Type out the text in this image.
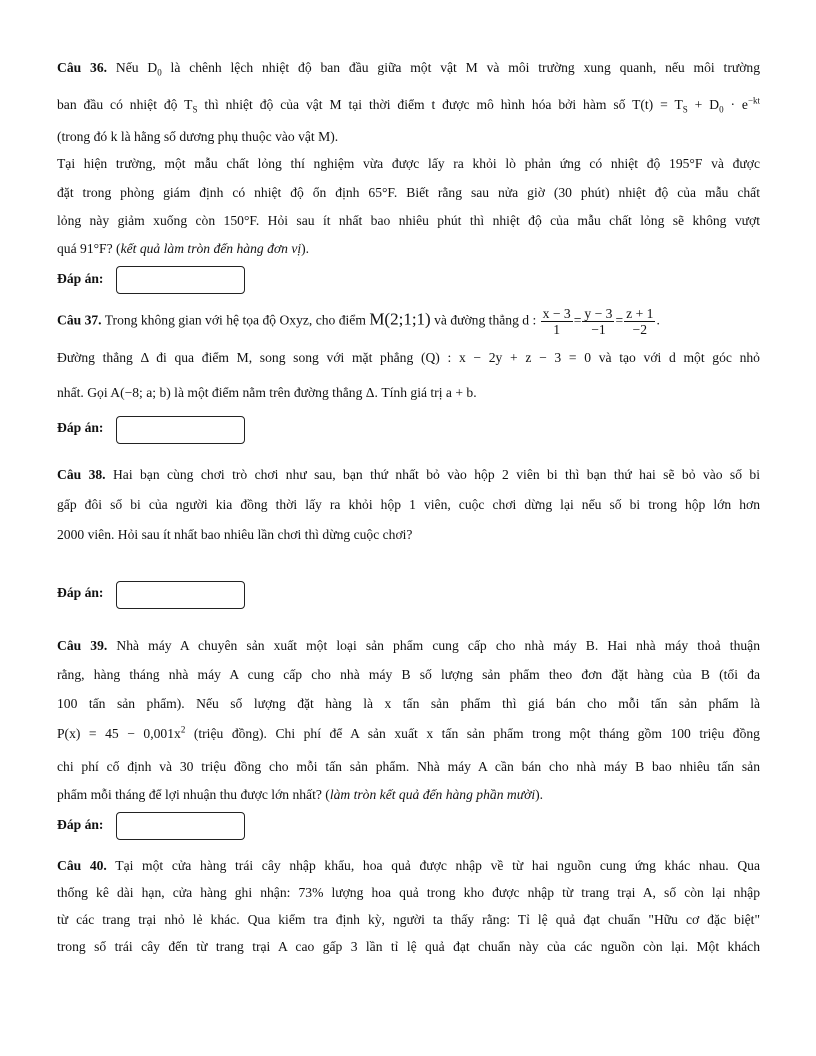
Câu 36. Nếu $D_0$ là chênh lệch nhiệt độ ban đầu giữa một vật M và môi trường xung quanh, nếu môi trường
ban đầu có nhiệt độ $T_S$ thì nhiệt độ của vật M tại thời điểm t được mô hình hóa bởi hàm số $T(t) = T_S + D_0 \cdot e^{-kt}$
(trong đó k là hằng số dương phụ thuộc vào vật M).
Tại hiện trường, một mẫu chất lỏng thí nghiệm vừa được lấy ra khỏi lò phản ứng có nhiệt độ 195°F và được
đặt trong phòng giám định có nhiệt độ ổn định 65°F. Biết rằng sau nửa giờ (30 phút) nhiệt độ của mẫu chất
lỏng này giảm xuống còn 150°F. Hỏi sau ít nhất bao nhiêu phút thì nhiệt độ của mẫu chất lỏng sẽ không vượt
quá 91°F? (kết quả làm tròn đến hàng đơn vị).
Đáp án:
Câu 37. Trong không gian với hệ tọa độ Oxyz, cho điểm M(2;1;1) và đường thẳng d : $\frac{x - 3}{1} = \frac{y - 3}{-1} = \frac{z + 1}{-2}$ .
Đường thẳng Δ đi qua điểm M, song song với mặt phẳng (Q) : x − 2y + z − 3 = 0 và tạo với d một góc nhỏ
nhất. Gọi A(−8; a; b) là một điểm nằm trên đường thẳng Δ. Tính giá trị a + b.
Đáp án:
Câu 38. Hai bạn cùng chơi trò chơi như sau, bạn thứ nhất bỏ vào hộp 2 viên bi thì bạn thứ hai sẽ bỏ vào số bi
gấp đôi số bi của người kia đồng thời lấy ra khỏi hộp 1 viên, cuộc chơi dừng lại nếu số bi trong hộp lớn hơn
2000 viên. Hỏi sau ít nhất bao nhiêu lần chơi thì dừng cuộc chơi?
Đáp án:
Câu 39. Nhà máy A chuyên sản xuất một loại sản phẩm cung cấp cho nhà máy B. Hai nhà máy thoả thuận
rằng, hàng tháng nhà máy A cung cấp cho nhà máy B số lượng sản phẩm theo đơn đặt hàng của B (tối đa
100 tấn sản phẩm). Nếu số lượng đặt hàng là x tấn sản phẩm thì giá bán cho mỗi tấn sản phẩm là
$P(x) = 45 - 0,001x^2$ (triệu đồng). Chi phí để A sản xuất x tấn sản phẩm trong một tháng gồm 100 triệu đồng
chi phí cố định và 30 triệu đồng cho mỗi tấn sản phẩm. Nhà máy A cần bán cho nhà máy B bao nhiêu tấn sản
phẩm mỗi tháng để lợi nhuận thu được lớn nhất? (làm tròn kết quả đến hàng phần mười).
Đáp án:
Câu 40. Tại một cửa hàng trái cây nhập khẩu, hoa quả được nhập về từ hai nguồn cung ứng khác nhau. Qua
thống kê dài hạn, cửa hàng ghi nhận: 73% lượng hoa quả trong kho được nhập từ trang trại A, số còn lại nhập
từ các trang trại nhỏ lẻ khác. Qua kiểm tra định kỳ, người ta thấy rằng: Tỉ lệ quả đạt chuẩn "Hữu cơ đặc biệt"
trong số trái cây đến từ trang trại A cao gấp 3 lần tỉ lệ quả đạt chuẩn này của các nguồn còn lại. Một khách
